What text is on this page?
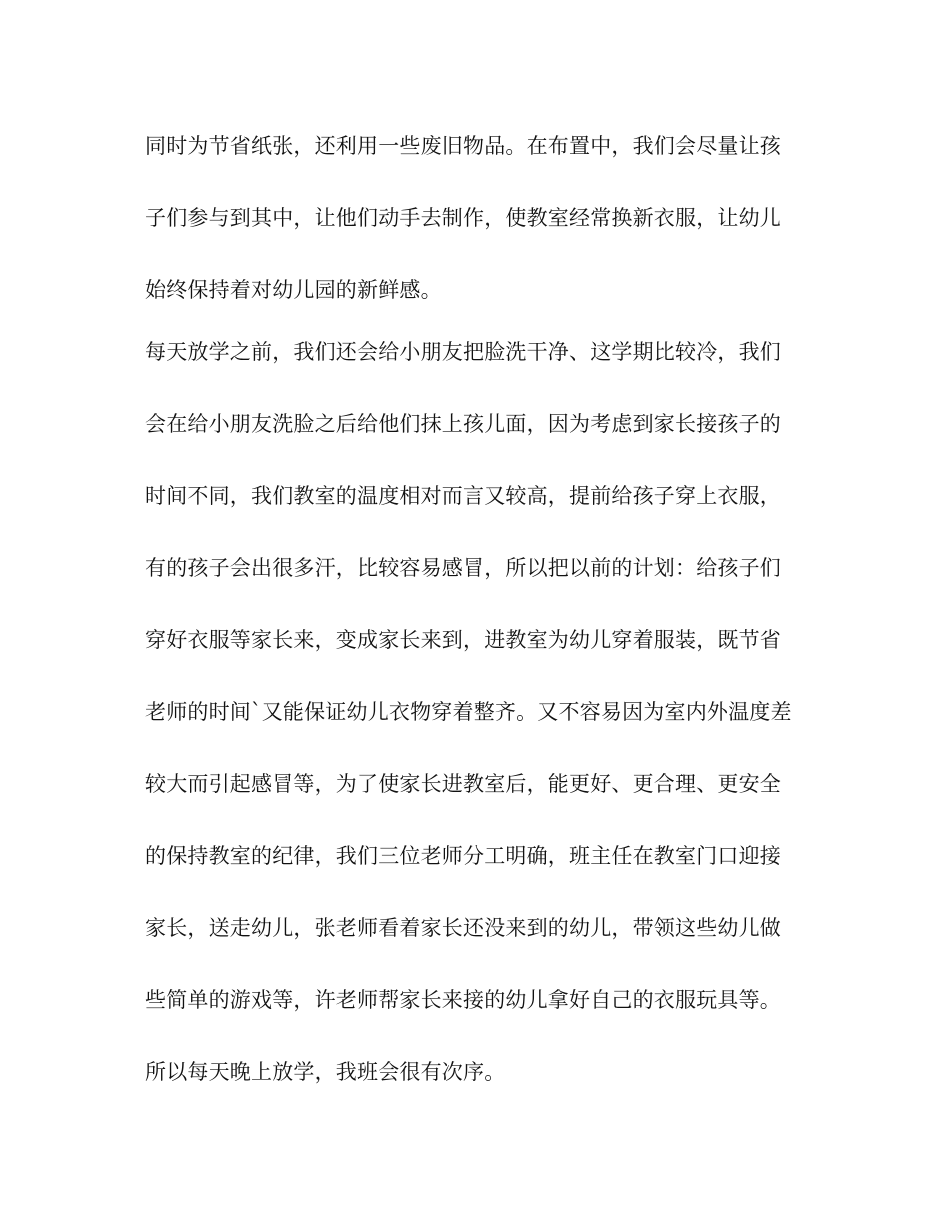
同时为节省纸张，还利用一些废旧物品。在布置中，我们会尽量让孩
子们参与到其中，让他们动手去制作，使教室经常换新衣服，让幼儿
始终保持着对幼儿园的新鲜感。
每天放学之前，我们还会给小朋友把脸洗干净、这学期比较冷，我们
会在给小朋友洗脸之后给他们抹上孩儿面，因为考虑到家长接孩子的
时间不同，我们教室的温度相对而言又较高，提前给孩子穿上衣服，
有的孩子会出很多汗，比较容易感冒，所以把以前的计划：给孩子们
穿好衣服等家长来，变成家长来到，进教室为幼儿穿着服装，既节省
老师的时间`又能保证幼儿衣物穿着整齐。又不容易因为室内外温度差
较大而引起感冒等，为了使家长进教室后，能更好、更合理、更安全
的保持教室的纪律，我们三位老师分工明确，班主任在教室门口迎接
家长，送走幼儿，张老师看着家长还没来到的幼儿，带领这些幼儿做
些简单的游戏等，许老师帮家长来接的幼儿拿好自己的衣服玩具等。
所以每天晚上放学，我班会很有次序。
